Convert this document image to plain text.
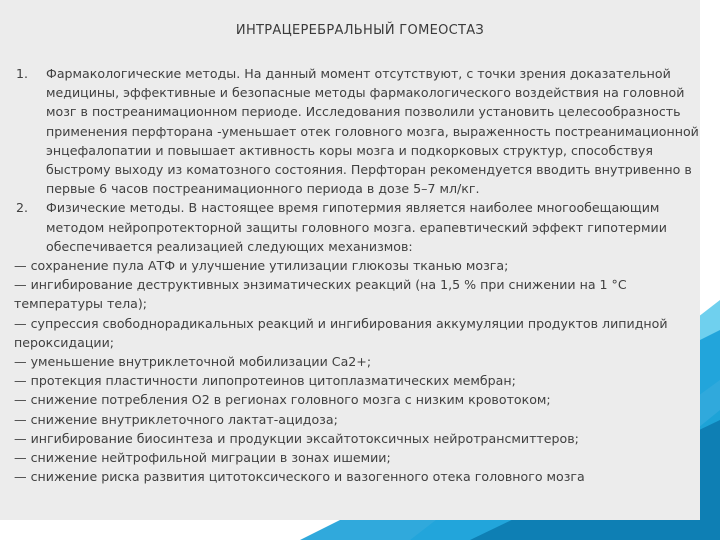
ИНТРАЦЕРЕБРАЛЬНЫЙ ГОМЕОСТАЗ
1. Фармакологические методы. На данный момент отсутствуют, с точки зрения доказательной медицины, эффективные и безопасные методы фармакологического воздействия на головной мозг в постреанимационном периоде. Исследования позволили установить целесообразность применения перфторана -уменьшает отек головного мозга, выраженность постреанимационной энцефалопатии и повышает активность коры мозга и подкорковых структур, способствуя быстрому выходу из коматозного состояния. Перфторан рекомендуется вводить внутривенно в первые 6 часов постреанимационного периода в дозе 5–7 мл/кг.
2. Физические методы. В настоящее время гипотермия является наиболее многообещающим методом нейропротекторной защиты головного мозга. ерапевтический эффект гипотермии обеспечивается реализацией следующих механизмов:

— сохранение пула АТФ и улучшение утилизации глюкозы тканью мозга;

— ингибирование деструктивных энзиматических реакций (на 1,5 % при снижении на 1 °С температуры тела);

— супрессия свободнорадикальных реакций и ингибирования аккумуляции продуктов липидной пероксидации;

— уменьшение внутриклеточной мобилизации Са2+;

— протекция пластичности липопротеинов цитоплазматических мембран;

— снижение потребления О2 в регионах головного мозга с низким кровотоком;

— снижение внутриклеточного лактат-ацидоза;

— ингибирование биосинтеза и продукции эксайтотоксичных нейротрансмиттеров;

— снижение нейтрофильной миграции в зонах ишемии;

— снижение риска развития цитотоксического и вазогенного отека головного мозга
